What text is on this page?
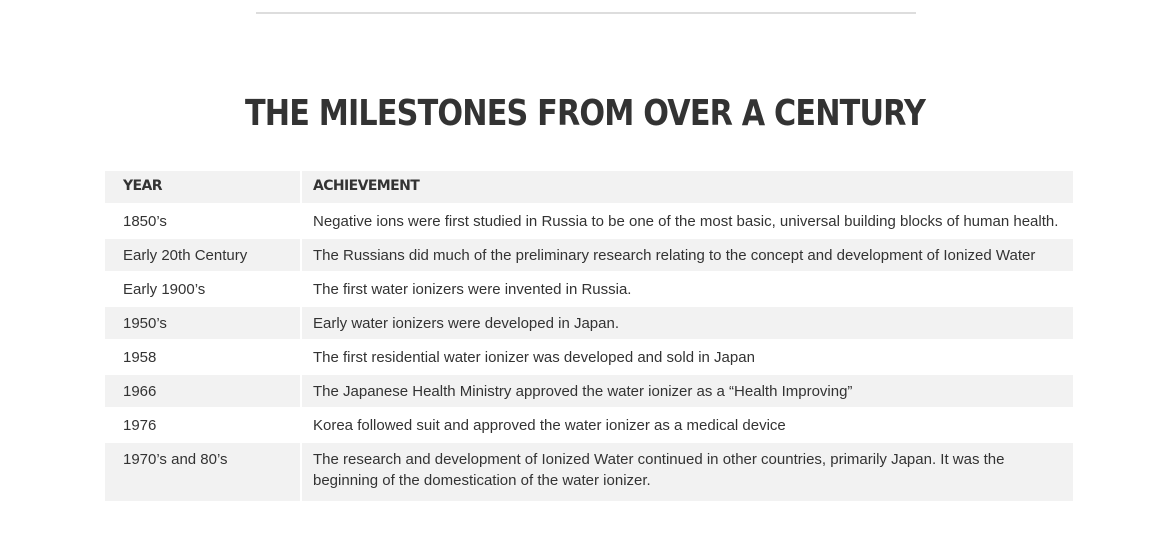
THE MILESTONES FROM OVER A CENTURY
YEAR	ACHIEVEMENT
1850’s	Negative ions were first studied in Russia to be one of the most basic, universal building blocks of human health.
Early 20th Century	The Russians did much of the preliminary research relating to the concept and development of Ionized Water
Early 1900’s	The first water ionizers were invented in Russia.
1950’s	Early water ionizers were developed in Japan.
1958	The first residential water ionizer was developed and sold in Japan
1966	The Japanese Health Ministry approved the water ionizer as a “Health Improving”
1976	Korea followed suit and approved the water ionizer as a medical device
1970’s and 80’s	The research and development of Ionized Water continued in other countries, primarily Japan. It was the beginning of the domestication of the water ionizer.
